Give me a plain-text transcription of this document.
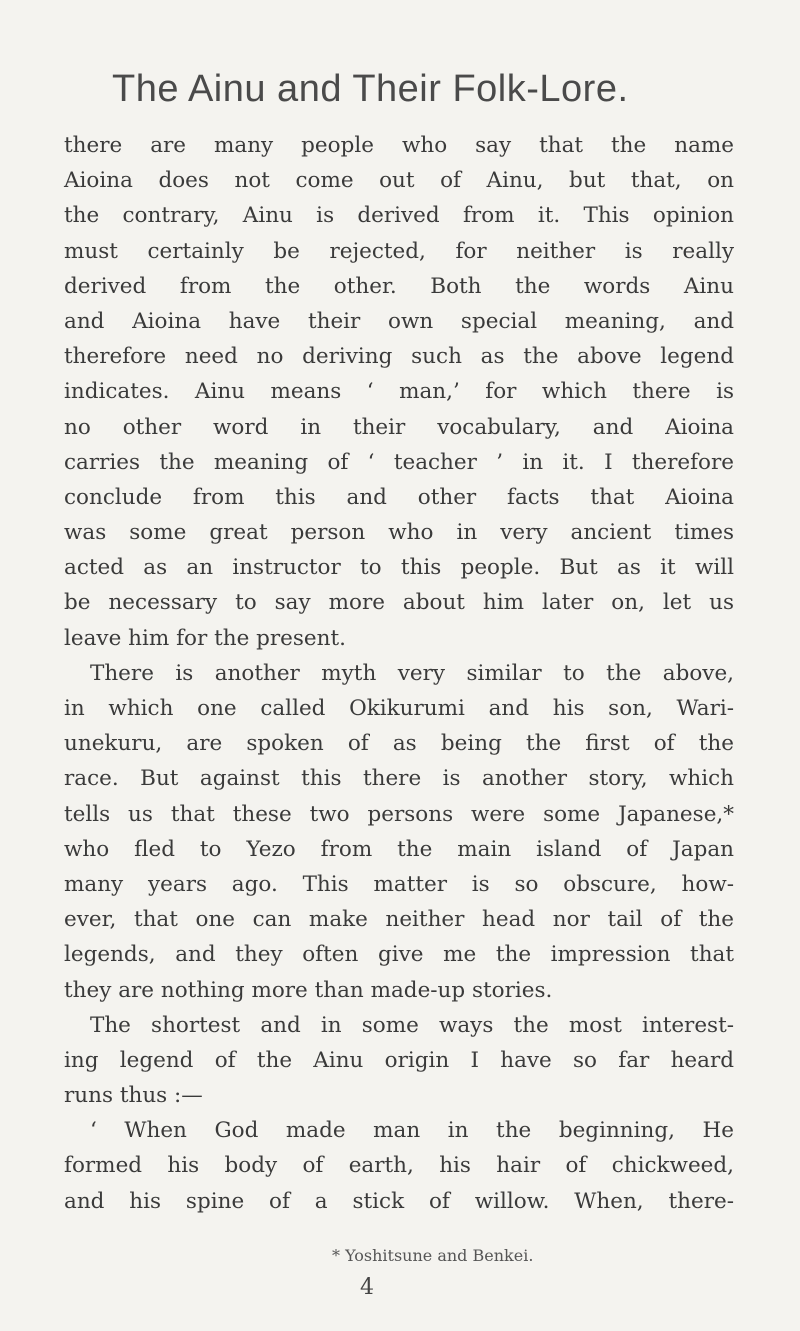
The Ainu and Their Folk-Lore.
there are many people who say that the name
Aioina does not come out of Ainu, but that, on
the contrary, Ainu is derived from it. This opinion
must certainly be rejected, for neither is really
derived from the other. Both the words Ainu
and Aioina have their own special meaning, and
therefore need no deriving such as the above legend
indicates. Ainu means ‘ man,’ for which there is
no other word in their vocabulary, and Aioina
carries the meaning of ‘ teacher ’ in it. I therefore
conclude from this and other facts that Aioina
was some great person who in very ancient times
acted as an instructor to this people. But as it will
be necessary to say more about him later on, let us
leave him for the present.
There is another myth very similar to the above,
in which one called Okikurumi and his son, Wari-
unekuru, are spoken of as being the first of the
race. But against this there is another story, which
tells us that these two persons were some Japanese,*
who fled to Yezo from the main island of Japan
many years ago. This matter is so obscure, how-
ever, that one can make neither head nor tail of the
legends, and they often give me the impression that
they are nothing more than made-up stories.
The shortest and in some ways the most interest-
ing legend of the Ainu origin I have so far heard
runs thus :—
‘ When God made man in the beginning, He
formed his body of earth, his hair of chickweed,
and his spine of a stick of willow. When, there-
* Yoshitsune and Benkei.
4
